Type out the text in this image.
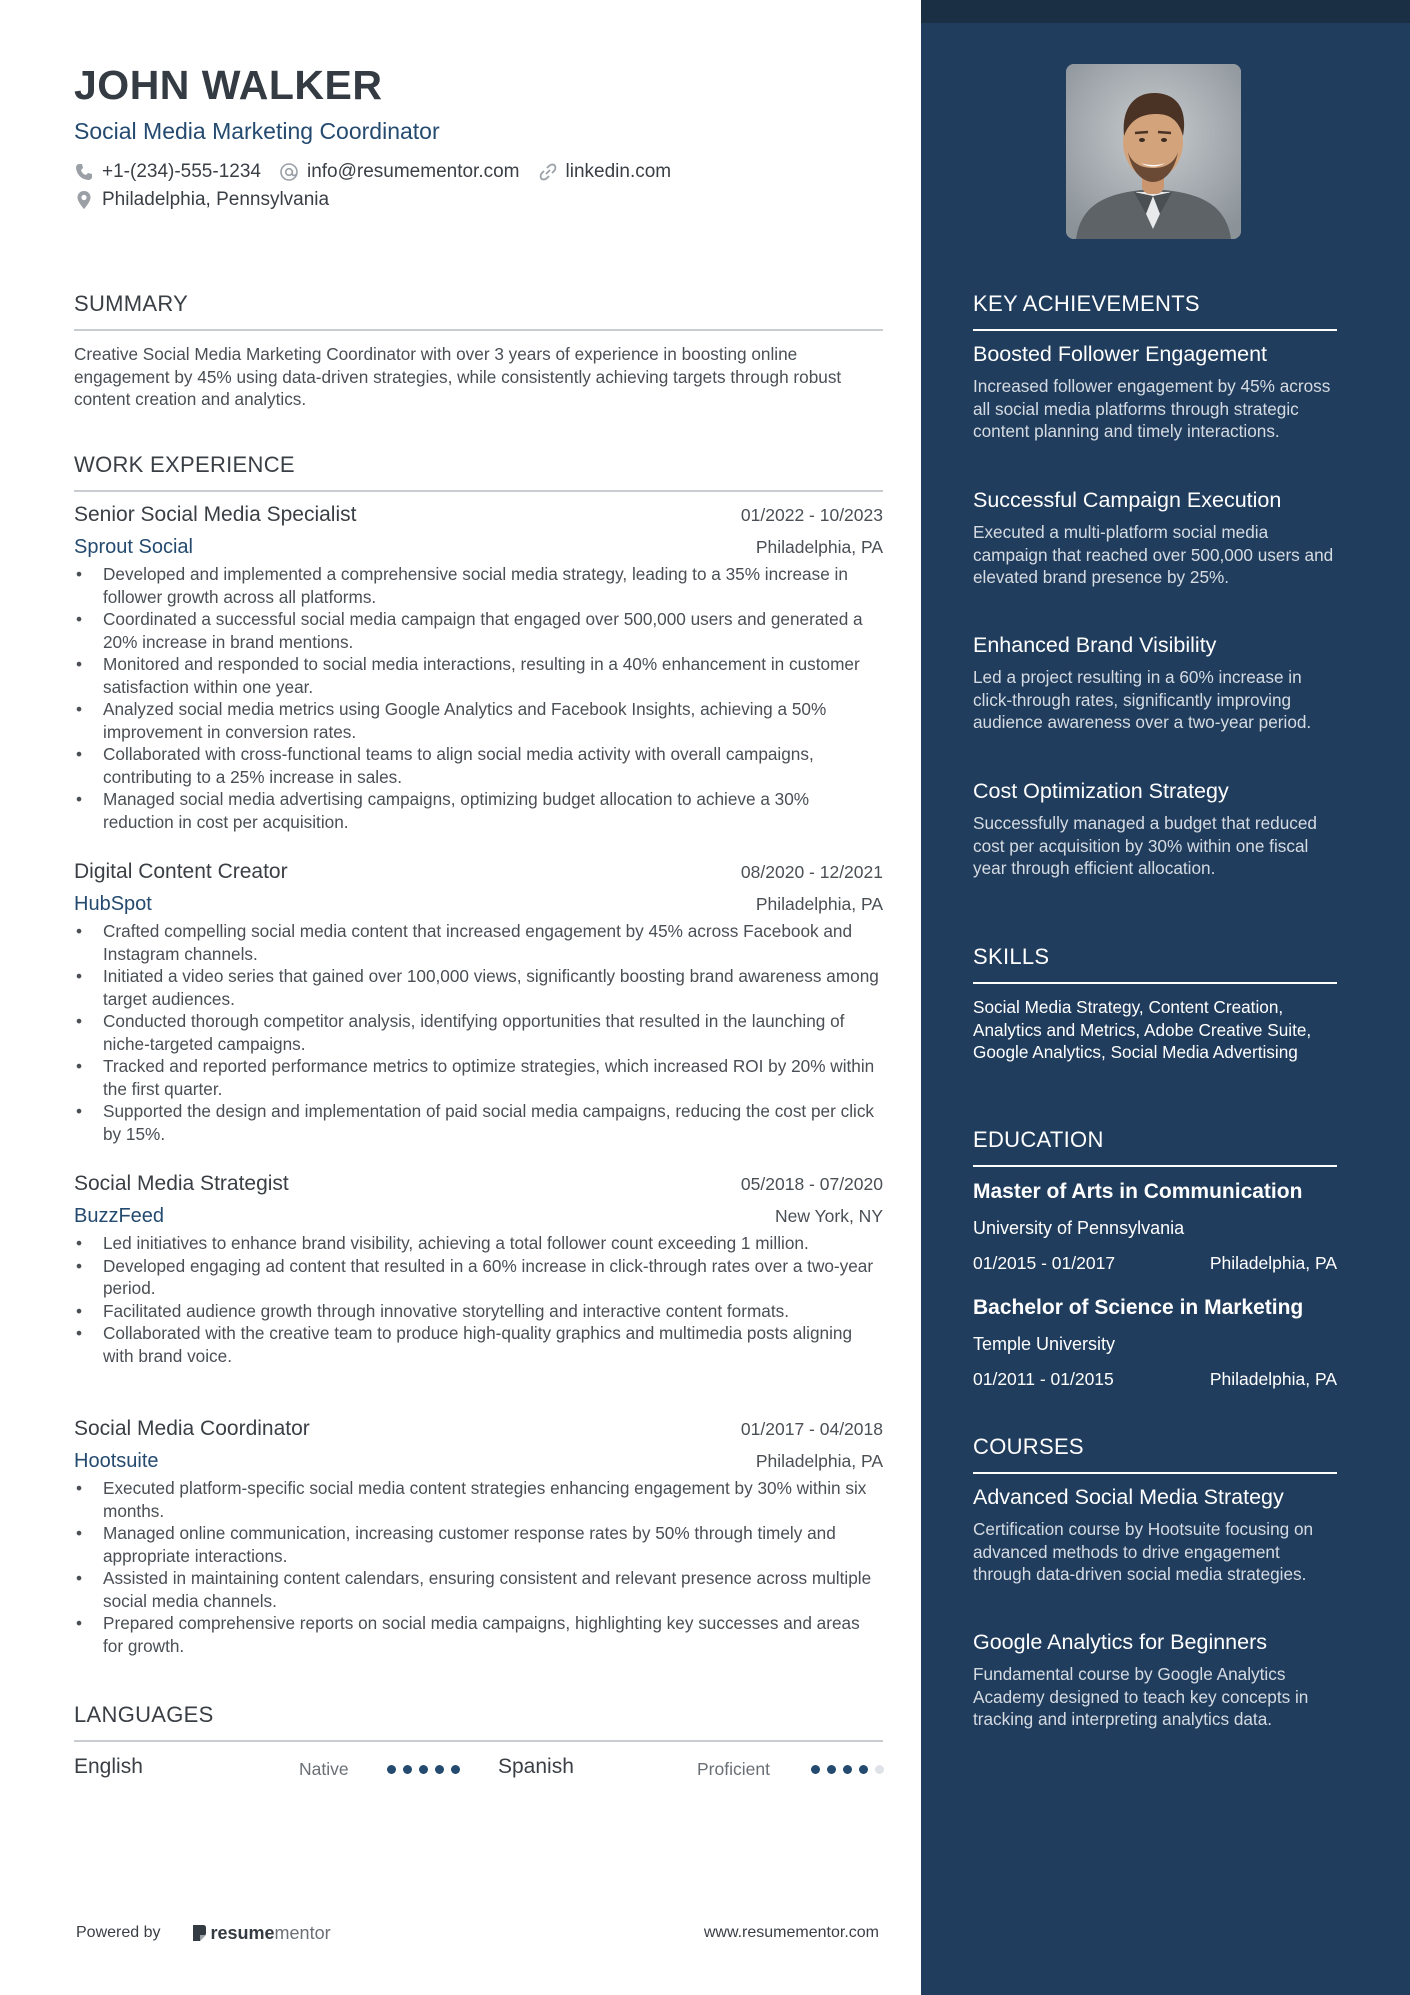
JOHN WALKER
Social Media Marketing Coordinator
+1-(234)-555-1234 info@resumementor.com linkedin.com
Philadelphia, Pennsylvania
SUMMARY
Creative Social Media Marketing Coordinator with over 3 years of experience in boosting online engagement by 45% using data-driven strategies, while consistently achieving targets through robust content creation and analytics.
WORK EXPERIENCE
Senior Social Media Specialist	01/2022 - 10/2023
Sprout Social	Philadelphia, PA
• Developed and implemented a comprehensive social media strategy, leading to a 35% increase in follower growth across all platforms.
• Coordinated a successful social media campaign that engaged over 500,000 users and generated a 20% increase in brand mentions.
• Monitored and responded to social media interactions, resulting in a 40% enhancement in customer satisfaction within one year.
• Analyzed social media metrics using Google Analytics and Facebook Insights, achieving a 50% improvement in conversion rates.
• Collaborated with cross-functional teams to align social media activity with overall campaigns, contributing to a 25% increase in sales.
• Managed social media advertising campaigns, optimizing budget allocation to achieve a 30% reduction in cost per acquisition.
Digital Content Creator	08/2020 - 12/2021
HubSpot	Philadelphia, PA
• Crafted compelling social media content that increased engagement by 45% across Facebook and Instagram channels.
• Initiated a video series that gained over 100,000 views, significantly boosting brand awareness among target audiences.
• Conducted thorough competitor analysis, identifying opportunities that resulted in the launching of niche-targeted campaigns.
• Tracked and reported performance metrics to optimize strategies, which increased ROI by 20% within the first quarter.
• Supported the design and implementation of paid social media campaigns, reducing the cost per click by 15%.
Social Media Strategist	05/2018 - 07/2020
BuzzFeed	New York, NY
• Led initiatives to enhance brand visibility, achieving a total follower count exceeding 1 million.
• Developed engaging ad content that resulted in a 60% increase in click-through rates over a two-year period.
• Facilitated audience growth through innovative storytelling and interactive content formats.
• Collaborated with the creative team to produce high-quality graphics and multimedia posts aligning with brand voice.
Social Media Coordinator	01/2017 - 04/2018
Hootsuite	Philadelphia, PA
• Executed platform-specific social media content strategies enhancing engagement by 30% within six months.
• Managed online communication, increasing customer response rates by 50% through timely and appropriate interactions.
• Assisted in maintaining content calendars, ensuring consistent and relevant presence across multiple social media channels.
• Prepared comprehensive reports on social media campaigns, highlighting key successes and areas for growth.
LANGUAGES
English	Native	Spanish	Proficient
Powered by	resume mentor	www.resumementor.com
KEY ACHIEVEMENTS
Boosted Follower Engagement
Increased follower engagement by 45% across all social media platforms through strategic content planning and timely interactions.
Successful Campaign Execution
Executed a multi-platform social media campaign that reached over 500,000 users and elevated brand presence by 25%.
Enhanced Brand Visibility
Led a project resulting in a 60% increase in click-through rates, significantly improving audience awareness over a two-year period.
Cost Optimization Strategy
Successfully managed a budget that reduced cost per acquisition by 30% within one fiscal year through efficient allocation.
SKILLS
Social Media Strategy, Content Creation, Analytics and Metrics, Adobe Creative Suite, Google Analytics, Social Media Advertising
EDUCATION
Master of Arts in Communication
University of Pennsylvania
01/2015 - 01/2017	Philadelphia, PA
Bachelor of Science in Marketing
Temple University
01/2011 - 01/2015	Philadelphia, PA
COURSES
Advanced Social Media Strategy
Certification course by Hootsuite focusing on advanced methods to drive engagement through data-driven social media strategies.
Google Analytics for Beginners
Fundamental course by Google Analytics Academy designed to teach key concepts in tracking and interpreting analytics data.
